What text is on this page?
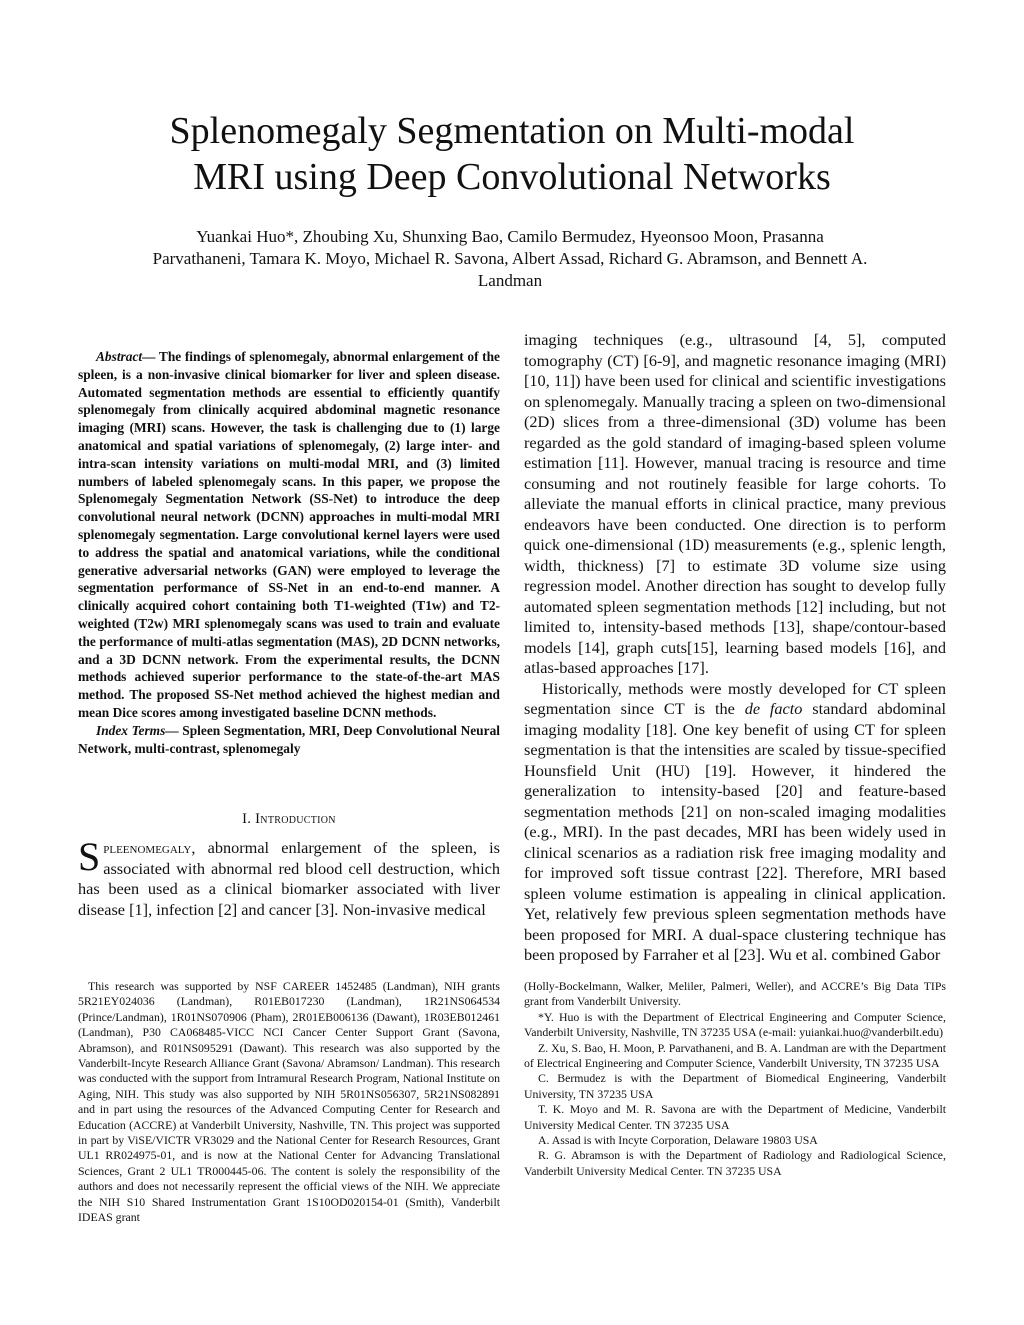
Splenomegaly Segmentation on Multi-modal
MRI using Deep Convolutional Networks

Yuankai Huo*, Zhoubing Xu, Shunxing Bao, Camilo Bermudez, Hyeonsoo Moon, Prasanna Parvathaneni, Tamara K. Moyo, Michael R. Savona, Albert Assad, Richard G. Abramson, and Bennett A. Landman

Abstract— The findings of splenomegaly, abnormal enlargement of the spleen, is a non-invasive clinical biomarker for liver and spleen disease. Automated segmentation methods are essential to efficiently quantify splenomegaly from clinically acquired abdominal magnetic resonance imaging (MRI) scans. However, the task is challenging due to (1) large anatomical and spatial variations of splenomegaly, (2) large inter- and intra-scan intensity variations on multi-modal MRI, and (3) limited numbers of labeled splenomegaly scans. In this paper, we propose the Splenomegaly Segmentation Network (SS-Net) to introduce the deep convolutional neural network (DCNN) approaches in multi-modal MRI splenomegaly segmentation. Large convolutional kernel layers were used to address the spatial and anatomical variations, while the conditional generative adversarial networks (GAN) were employed to leverage the segmentation performance of SS-Net in an end-to-end manner. A clinically acquired cohort containing both T1-weighted (T1w) and T2-weighted (T2w) MRI splenomegaly scans was used to train and evaluate the performance of multi-atlas segmentation (MAS), 2D DCNN networks, and a 3D DCNN network. From the experimental results, the DCNN methods achieved superior performance to the state-of-the-art MAS method. The proposed SS-Net method achieved the highest median and mean Dice scores among investigated baseline DCNN methods.

Index Terms— Spleen Segmentation, MRI, Deep Convolutional Neural Network, multi-contrast, splenomegaly

I. Introduction

Spleenomegaly, abnormal enlargement of the spleen, is associated with abnormal red blood cell destruction, which has been used as a clinical biomarker associated with liver disease [1], infection [2] and cancer [3]. Non-invasive medical

imaging techniques (e.g., ultrasound [4, 5], computed tomography (CT) [6-9], and magnetic resonance imaging (MRI) [10, 11]) have been used for clinical and scientific investigations on splenomegaly. Manually tracing a spleen on two-dimensional (2D) slices from a three-dimensional (3D) volume has been regarded as the gold standard of imaging-based spleen volume estimation [11]. However, manual tracing is resource and time consuming and not routinely feasible for large cohorts. To alleviate the manual efforts in clinical practice, many previous endeavors have been conducted. One direction is to perform quick one-dimensional (1D) measurements (e.g., splenic length, width, thickness) [7] to estimate 3D volume size using regression model. Another direction has sought to develop fully automated spleen segmentation methods [12] including, but not limited to, intensity-based methods [13], shape/contour-based models [14], graph cuts[15], learning based models [16], and atlas-based approaches [17].

Historically, methods were mostly developed for CT spleen segmentation since CT is the de facto standard abdominal imaging modality [18]. One key benefit of using CT for spleen segmentation is that the intensities are scaled by tissue-specified Hounsfield Unit (HU) [19]. However, it hindered the generalization to intensity-based [20] and feature-based segmentation methods [21] on non-scaled imaging modalities (e.g., MRI). In the past decades, MRI has been widely used in clinical scenarios as a radiation risk free imaging modality and for improved soft tissue contrast [22]. Therefore, MRI based spleen volume estimation is appealing in clinical application. Yet, relatively few previous spleen segmentation methods have been proposed for MRI. A dual-space clustering technique has been proposed by Farraher et al [23]. Wu et al. combined Gabor

This research was supported by NSF CAREER 1452485 (Landman), NIH grants 5R21EY024036 (Landman), R01EB017230 (Landman), 1R21NS064534 (Prince/Landman), 1R01NS070906 (Pham), 2R01EB006136 (Dawant), 1R03EB012461 (Landman), P30 CA068485-VICC NCI Cancer Center Support Grant (Savona, Abramson), and R01NS095291 (Dawant). This research was also supported by the Vanderbilt-Incyte Research Alliance Grant (Savona/ Abramson/ Landman). This research was conducted with the support from Intramural Research Program, National Institute on Aging, NIH. This study was also supported by NIH 5R01NS056307, 5R21NS082891 and in part using the resources of the Advanced Computing Center for Research and Education (ACCRE) at Vanderbilt University, Nashville, TN. This project was supported in part by ViSE/VICTR VR3029 and the National Center for Research Resources, Grant UL1 RR024975-01, and is now at the National Center for Advancing Translational Sciences, Grant 2 UL1 TR000445-06. The content is solely the responsibility of the authors and does not necessarily represent the official views of the NIH. We appreciate the NIH S10 Shared Instrumentation Grant 1S10OD020154-01 (Smith), Vanderbilt IDEAS grant

(Holly-Bockelmann, Walker, Meliler, Palmeri, Weller), and ACCRE’s Big Data TIPs grant from Vanderbilt University.

*Y. Huo is with the Department of Electrical Engineering and Computer Science, Vanderbilt University, Nashville, TN 37235 USA (e-mail: yuiankai.huo@vanderbilt.edu)

Z. Xu, S. Bao, H. Moon, P. Parvathaneni, and B. A. Landman are with the Department of Electrical Engineering and Computer Science, Vanderbilt University, TN 37235 USA

C. Bermudez is with the Department of Biomedical Engineering, Vanderbilt University, TN 37235 USA

T. K. Moyo and M. R. Savona are with the Department of Medicine, Vanderbilt University Medical Center. TN 37235 USA

A. Assad is with Incyte Corporation, Delaware 19803 USA

R. G. Abramson is with the Department of Radiology and Radiological Science, Vanderbilt University Medical Center. TN 37235 USA
